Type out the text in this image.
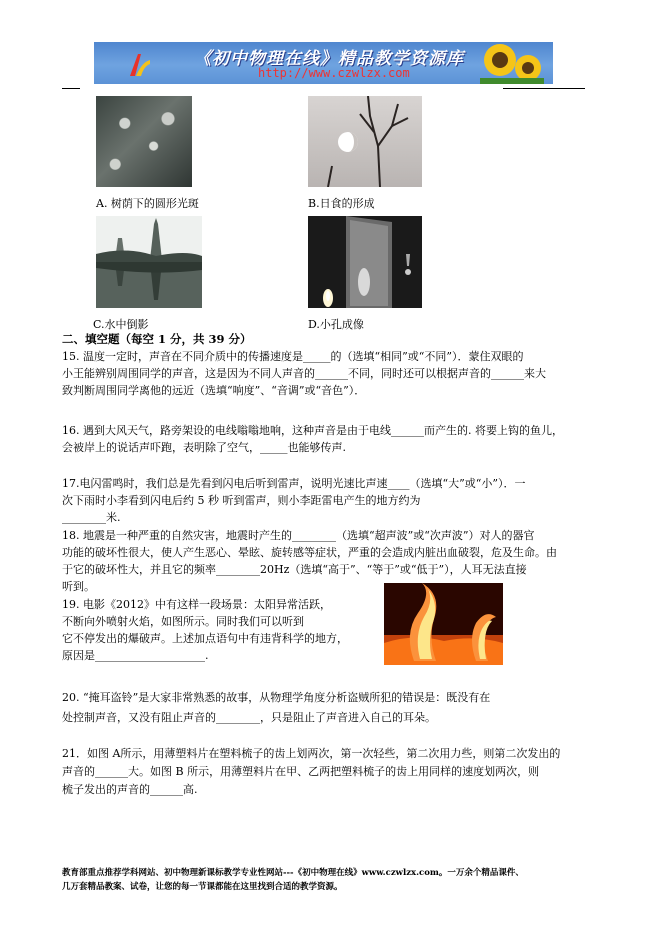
《初中物理在线》精品教学资源库
http://www.czwlzx.com
A. 树荫下的圆形光斑	B.日食的形成
C.水中倒影	D.小孔成像
二、填空题（每空 1 分，共 39 分）
15. 温度一定时，声音在不同介质中的传播速度是_____的（选填“相同”或“不同”）．蒙住双眼的
小王能辨别周围同学的声音，这是因为不同人声音的______不同，同时还可以根据声音的______来大
致判断周围同学离他的远近（选填“响度”、“音调”或“音色”）．
16. 遇到大风天气，路旁架设的电线嗡嗡地响，这种声音是由于电线______而产生的. 将要上钩的鱼儿，
会被岸上的说话声吓跑，表明除了空气，_____也能够传声.
17.电闪雷鸣时，我们总是先看到闪电后听到雷声，说明光速比声速____（选填“大”或“小”）．一
次下雨时小李看到闪电后约 5 秒 听到雷声，则小李距雷电产生的地方约为
________米.
18. 地震是一种严重的自然灾害，地震时产生的________（选填“超声波”或“次声波”）对人的器官
功能的破坏性很大，使人产生恶心、晕眩、旋转感等症状，严重的会造成内脏出血破裂，危及生命。由
于它的破坏性大，并且它的频率________20Hz（选填“高于”、“等于”或“低于”），人耳无法直接
听到。
19. 电影《2012》中有这样一段场景：太阳异常活跃，
不断向外喷射火焰，如图所示。同时我们可以听到
它不停发出的爆破声。上述加点语句中有违背科学的地方，
原因是____________________.
20. “掩耳盗铃”是大家非常熟悉的故事，从物理学角度分析盗贼所犯的错误是：既没有在
处控制声音，又没有阻止声音的________，只是阻止了声音进入自己的耳朵。
21．如图 A所示，用薄塑料片在塑料梳子的齿上划两次，第一次轻些，第二次用力些，则第二次发出的
声音的______大。如图 B 所示，用薄塑料片在甲、乙两把塑料梳子的齿上用同样的速度划两次，则
梳子发出的声音的______高.
教育部重点推荐学科网站、初中物理新课标教学专业性网站---《初中物理在线》www.czwlzx.com。一万余个精品课件、
几万套精品教案、试卷，让您的每一节课都能在这里找到合适的教学资源。
